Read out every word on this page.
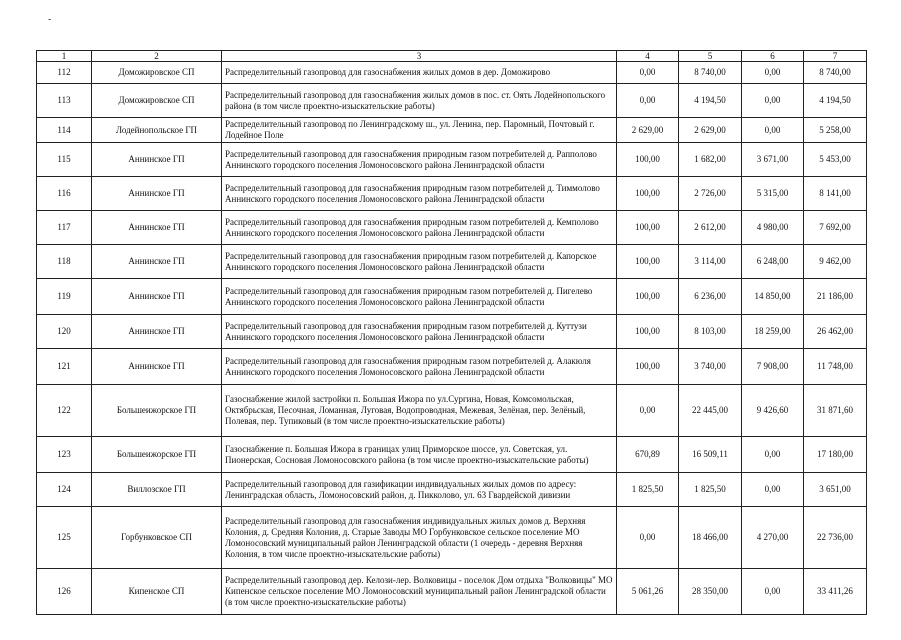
-
1	2	3	4	5	6	7
112	Доможировское СП	Распределительный газопровод для газоснабжения жилых домов в дер. Доможирово	0,00	8 740,00	0,00	8 740,00
113	Доможировское СП	Распределительный газопровод для газоснабжения жилых домов в пос. ст. Оять Лодейнопольского района (в том числе проектно-изыскательские работы)	0,00	4 194,50	0,00	4 194,50
114	Лодейнопольское ГП	Распределительный газопровод по Ленинградскому ш., ул. Ленина, пер. Паромный, Почтовый г. Лодейное Поле	2 629,00	2 629,00	0,00	5 258,00
115	Аннинское ГП	Распределительный газопровод для газоснабжения природным газом потребителей д. Рапполово Аннинского городского поселения Ломоносовского района Ленинградской области	100,00	1 682,00	3 671,00	5 453,00
116	Аннинское ГП	Распределительный газопровод для газоснабжения природным газом потребителей д. Тиммолово Аннинского городского поселения Ломоносовского района Ленинградской области	100,00	2 726,00	5 315,00	8 141,00
117	Аннинское ГП	Распределительный газопровод для газоснабжения природным газом потребителей д. Кемполово Аннинского городского поселения Ломоносовского района Ленинградской области	100,00	2 612,00	4 980,00	7 692,00
118	Аннинское ГП	Распределительный газопровод для газоснабжения природным газом потребителей д. Капорское Аннинского городского поселения Ломоносовского района Ленинградской области	100,00	3 114,00	6 248,00	9 462,00
119	Аннинское ГП	Распределительный газопровод для газоснабжения природным газом потребителей д. Пигелево Аннинского городского поселения Ломоносовского района Ленинградской области	100,00	6 236,00	14 850,00	21 186,00
120	Аннинское ГП	Распределительный газопровод для газоснабжения природным газом потребителей д. Куттузи Аннинского городского поселения Ломоносовского района Ленинградской области	100,00	8 103,00	18 259,00	26 462,00
121	Аннинское ГП	Распределительный газопровод для газоснабжения природным газом потребителей д. Алакюля Аннинского городского поселения Ломоносовского района Ленинградской области	100,00	3 740,00	7 908,00	11 748,00
122	Большеижорское ГП	Газоснабжение жилой застройки п. Большая Ижора по ул.Сургина, Новая, Комсомольская, Октябрьская, Песочная, Ломанная, Луговая, Водопроводная, Межевая, Зелёная, пер. Зелёный, Полевая, пер. Тупиковый (в том числе проектно-изыскательские работы)	0,00	22 445,00	9 426,60	31 871,60
123	Большеижорское ГП	Газоснабжение п. Большая Ижора в границах улиц Приморское шоссе, ул. Советская, ул. Пионерская, Сосновая Ломоносовского района (в том числе проектно-изыскательские работы)	670,89	16 509,11	0,00	17 180,00
124	Виллозское ГП	Распределительный газопровод для газификации индивидуальных жилых домов по адресу: Ленинградская область, Ломоносовский район, д. Пикколово, ул. 63 Гвардейской дивизии	1 825,50	1 825,50	0,00	3 651,00
125	Горбунковское СП	Распределительный газопровод для газоснабжения индивидуальных жилых домов д. Верхняя Колония, д. Средняя Колония, д. Старые Заводы МО Горбунковское сельское поселение МО Ломоносовский муниципальный район Ленинградской области (1 очередь - деревня Верхняя Колония, в том числе проектно-изыскательские работы)	0,00	18 466,00	4 270,00	22 736,00
126	Кипенское СП	Распределительный газопровод дер. Келози-лер. Волковицы - поселок Дом отдыха "Волковицы" МО Кипенское сельское поселение МО Ломоносовский муниципальный район Ленинградской области (в том числе проектно-изыскательские работы)	5 061,26	28 350,00	0,00	33 411,26
